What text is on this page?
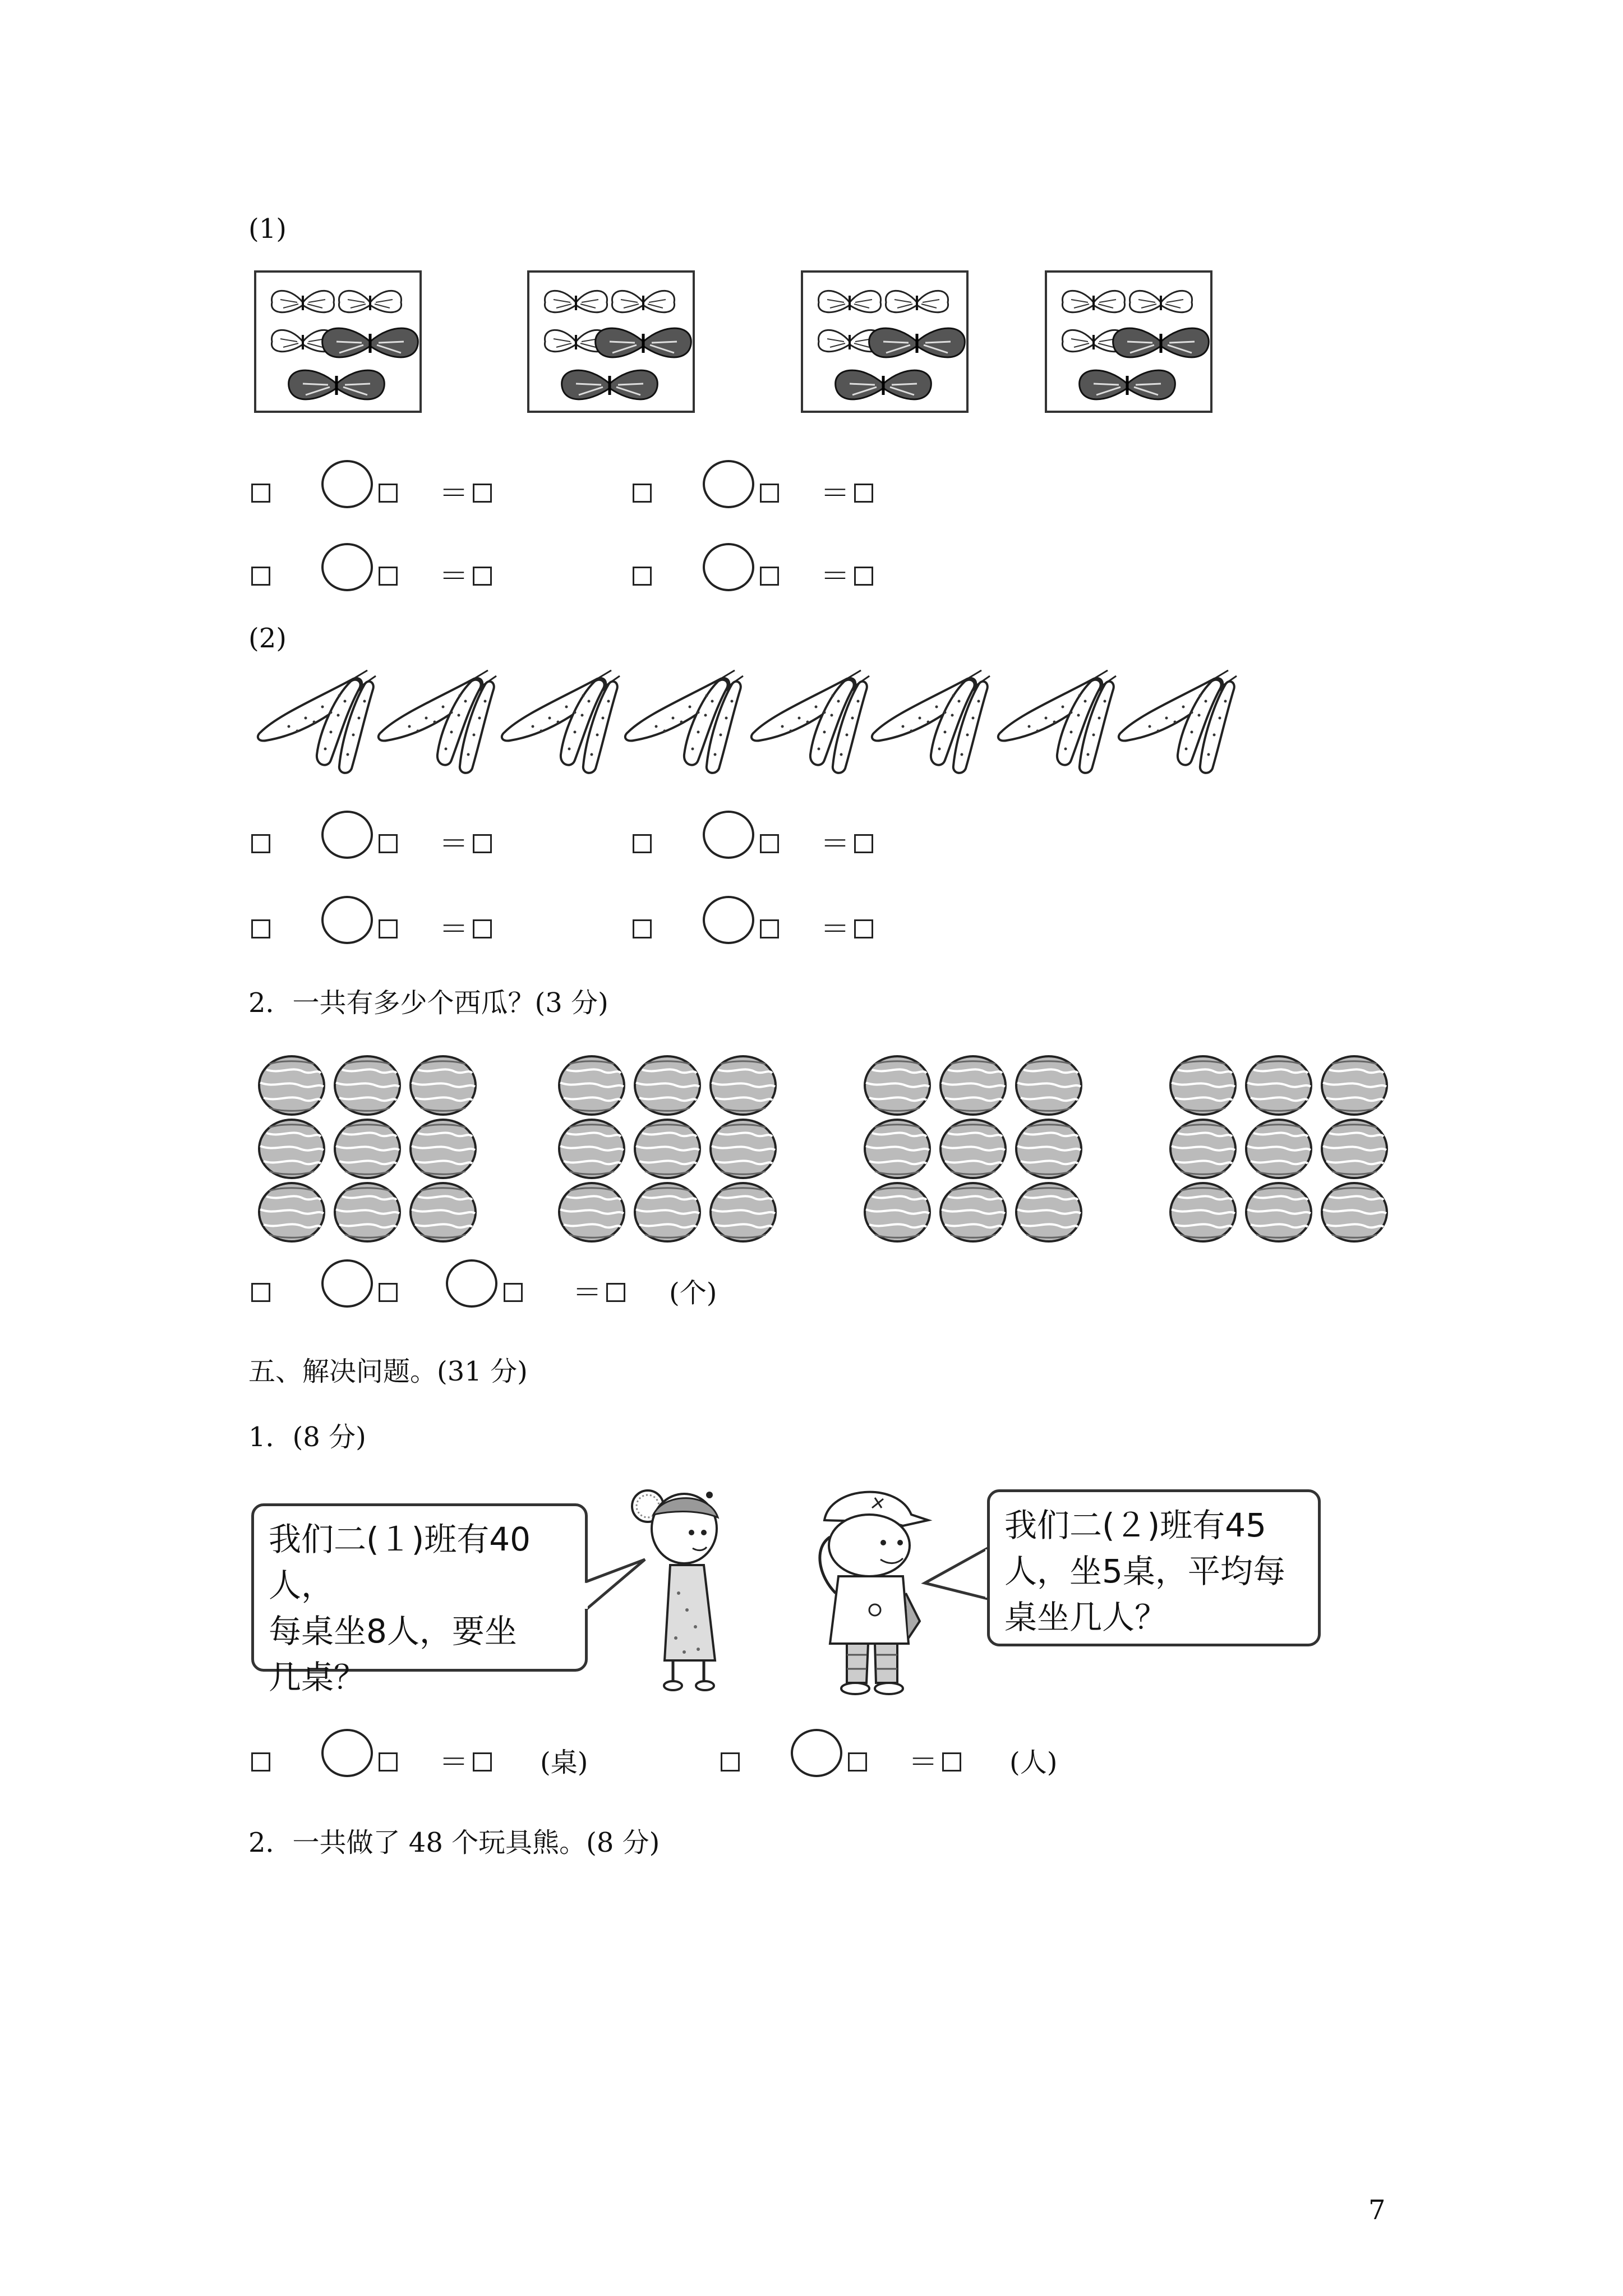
(1)
＝	＝
＝	＝
(2)
＝	＝
＝	＝
2．一共有多少个西瓜？(3 分)
＝ (个)
五、解决问题。(31 分)
1．(8 分)
我们二(１)班有40人，
每桌坐8人，要坐
几桌？
我们二(２)班有45
人，坐5桌，平均每
桌坐几人？
＝	(桌)	＝	(人)
2．一共做了 48 个玩具熊。(8 分)
7
